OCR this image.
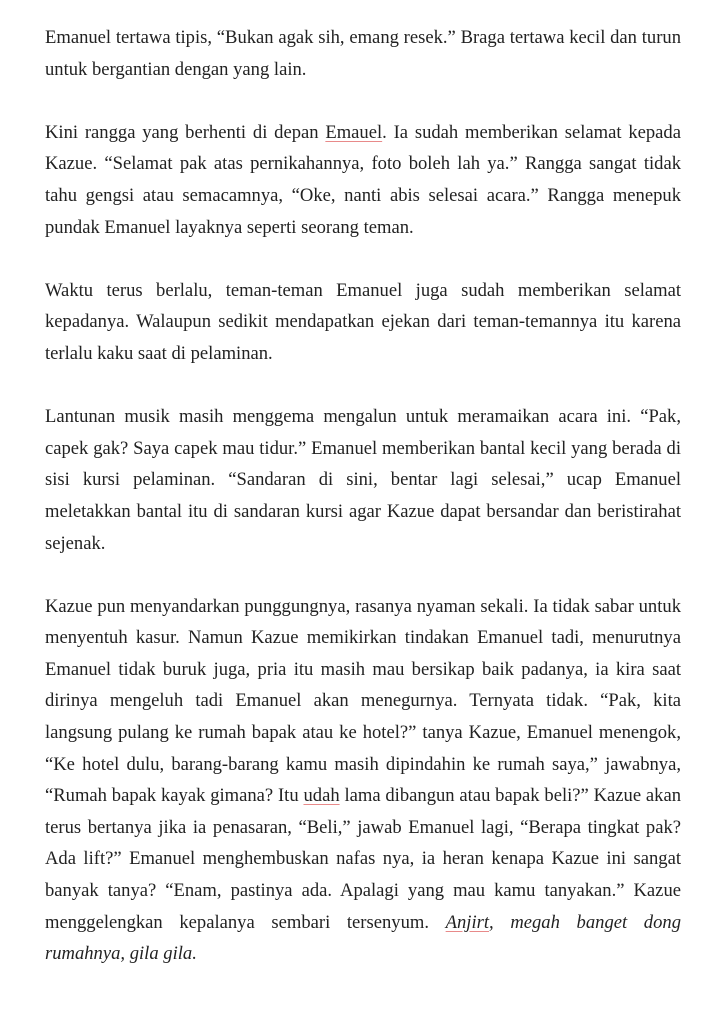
Emanuel tertawa tipis, “Bukan agak sih, emang resek.” Braga tertawa kecil dan turun untuk bergantian dengan yang lain.

Kini rangga yang berhenti di depan Emauel. Ia sudah memberikan selamat kepada Kazue. “Selamat pak atas pernikahannya, foto boleh lah ya.” Rangga sangat tidak tahu gengsi atau semacamnya, “Oke, nanti abis selesai acara.” Rangga menepuk pundak Emanuel layaknya seperti seorang teman.

Waktu terus berlalu, teman-teman Emanuel juga sudah memberikan selamat kepadanya. Walaupun sedikit mendapatkan ejekan dari teman-temannya itu karena terlalu kaku saat di pelaminan.

Lantunan musik masih menggema mengalun untuk meramaikan acara ini. “Pak, capek gak? Saya capek mau tidur.” Emanuel memberikan bantal kecil yang berada di sisi kursi pelaminan. “Sandaran di sini, bentar lagi selesai,” ucap Emanuel meletakkan bantal itu di sandaran kursi agar Kazue dapat bersandar dan beristirahat sejenak.

Kazue pun menyandarkan punggungnya, rasanya nyaman sekali. Ia tidak sabar untuk menyentuh kasur. Namun Kazue memikirkan tindakan Emanuel tadi, menurutnya Emanuel tidak buruk juga, pria itu masih mau bersikap baik padanya, ia kira saat dirinya mengeluh tadi Emanuel akan menegurnya. Ternyata tidak. “Pak, kita langsung pulang ke rumah bapak atau ke hotel?” tanya Kazue, Emanuel menengok, “Ke hotel dulu, barang-barang kamu masih dipindahin ke rumah saya,” jawabnya, “Rumah bapak kayak gimana? Itu udah lama dibangun atau bapak beli?” Kazue akan terus bertanya jika ia penasaran, “Beli,” jawab Emanuel lagi, “Berapa tingkat pak? Ada lift?” Emanuel menghembuskan nafas nya, ia heran kenapa Kazue ini sangat banyak tanya? “Enam, pastinya ada. Apalagi yang mau kamu tanyakan.” Kazue menggelengkan kepalanya sembari tersenyum. Anjirt, megah banget dong rumahnya, gila gila.
